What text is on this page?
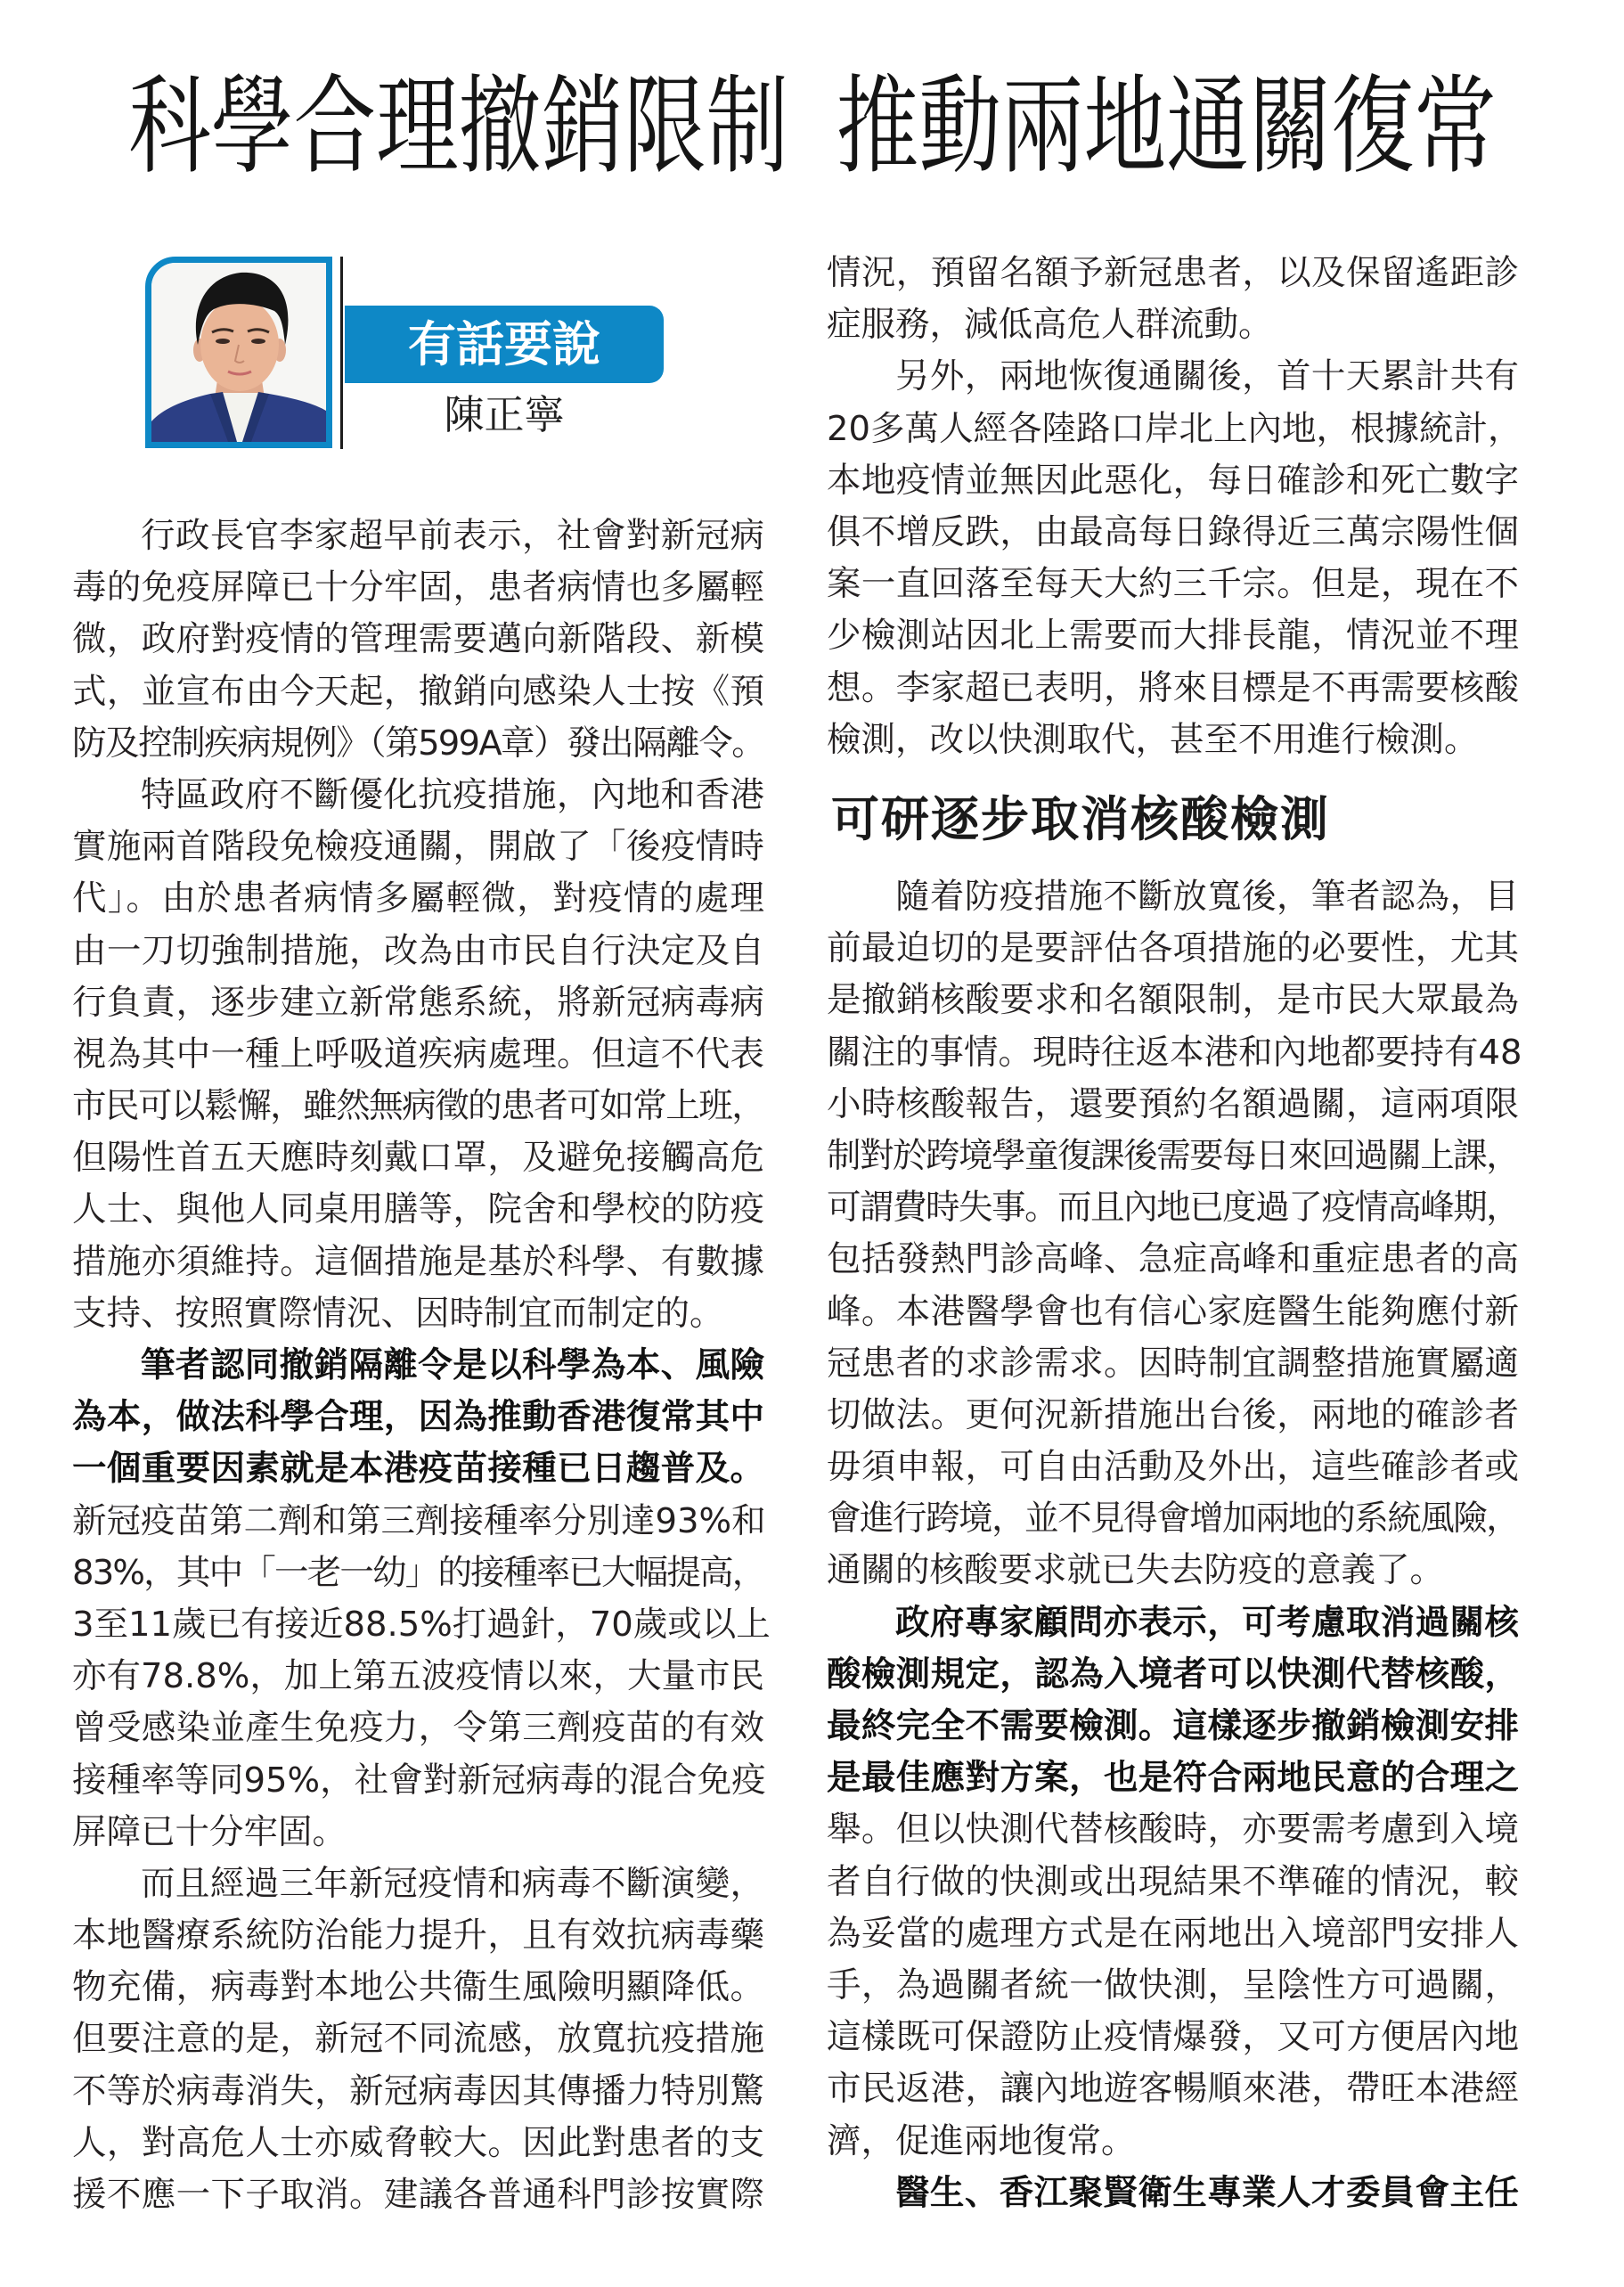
科學合理撤銷限制 推動兩地通關復常
有話要說
陳正寧
行政長官李家超早前表示，社會對新冠病
毒的免疫屏障已十分牢固，患者病情也多屬輕
微，政府對疫情的管理需要邁向新階段、新模
式，並宣布由今天起，撤銷向感染人士按《預
防及控制疾病規例》（第599A章）發出隔離令。
特區政府不斷優化抗疫措施，內地和香港
實施兩首階段免檢疫通關，開啟了「後疫情時
代」。由於患者病情多屬輕微，對疫情的處理
由一刀切強制措施，改為由市民自行決定及自
行負責，逐步建立新常態系統，將新冠病毒病
視為其中一種上呼吸道疾病處理。但這不代表
市民可以鬆懈，雖然無病徵的患者可如常上班，
但陽性首五天應時刻戴口罩，及避免接觸高危
人士、與他人同桌用膳等，院舍和學校的防疫
措施亦須維持。這個措施是基於科學、有數據
支持、按照實際情況、因時制宜而制定的。
筆者認同撤銷隔離令是以科學為本、風險
為本，做法科學合理，因為推動香港復常其中
一個重要因素就是本港疫苗接種已日趨普及。
新冠疫苗第二劑和第三劑接種率分別達93%和
83%，其中「一老一幼」的接種率已大幅提高，
3至11歲已有接近88.5%打過針，70歲或以上
亦有78.8%，加上第五波疫情以來，大量市民
曾受感染並產生免疫力，令第三劑疫苗的有效
接種率等同95%，社會對新冠病毒的混合免疫
屏障已十分牢固。
而且經過三年新冠疫情和病毒不斷演變，
本地醫療系統防治能力提升，且有效抗病毒藥
物充備，病毒對本地公共衞生風險明顯降低。
但要注意的是，新冠不同流感，放寬抗疫措施
不等於病毒消失，新冠病毒因其傳播力特別驚
人，對高危人士亦威脅較大。因此對患者的支
援不應一下子取消。建議各普通科門診按實際
情況，預留名額予新冠患者，以及保留遙距診
症服務，減低高危人群流動。
另外，兩地恢復通關後，首十天累計共有
20多萬人經各陸路口岸北上內地，根據統計，
本地疫情並無因此惡化，每日確診和死亡數字
俱不增反跌，由最高每日錄得近三萬宗陽性個
案一直回落至每天大約三千宗。但是，現在不
少檢測站因北上需要而大排長龍，情況並不理
想。李家超已表明，將來目標是不再需要核酸
檢測，改以快測取代，甚至不用進行檢測。
可研逐步取消核酸檢測
隨着防疫措施不斷放寬後，筆者認為，目
前最迫切的是要評估各項措施的必要性，尤其
是撤銷核酸要求和名額限制，是市民大眾最為
關注的事情。現時往返本港和內地都要持有48
小時核酸報告，還要預約名額過關，這兩項限
制對於跨境學童復課後需要每日來回過關上課，
可謂費時失事。而且內地已度過了疫情高峰期，
包括發熱門診高峰、急症高峰和重症患者的高
峰。本港醫學會也有信心家庭醫生能夠應付新
冠患者的求診需求。因時制宜調整措施實屬適
切做法。更何況新措施出台後，兩地的確診者
毋須申報，可自由活動及外出，這些確診者或
會進行跨境，並不見得會增加兩地的系統風險，
通關的核酸要求就已失去防疫的意義了。
政府專家顧問亦表示，可考慮取消過關核
酸檢測規定，認為入境者可以快測代替核酸，
最終完全不需要檢測。這樣逐步撤銷檢測安排
是最佳應對方案，也是符合兩地民意的合理之
舉。但以快測代替核酸時，亦要需考慮到入境
者自行做的快測或出現結果不準確的情況，較
為妥當的處理方式是在兩地出入境部門安排人
手，為過關者統一做快測，呈陰性方可過關，
這樣既可保證防止疫情爆發，又可方便居內地
市民返港，讓內地遊客暢順來港，帶旺本港經
濟，促進兩地復常。
醫生、香江聚賢衛生專業人才委員會主任
